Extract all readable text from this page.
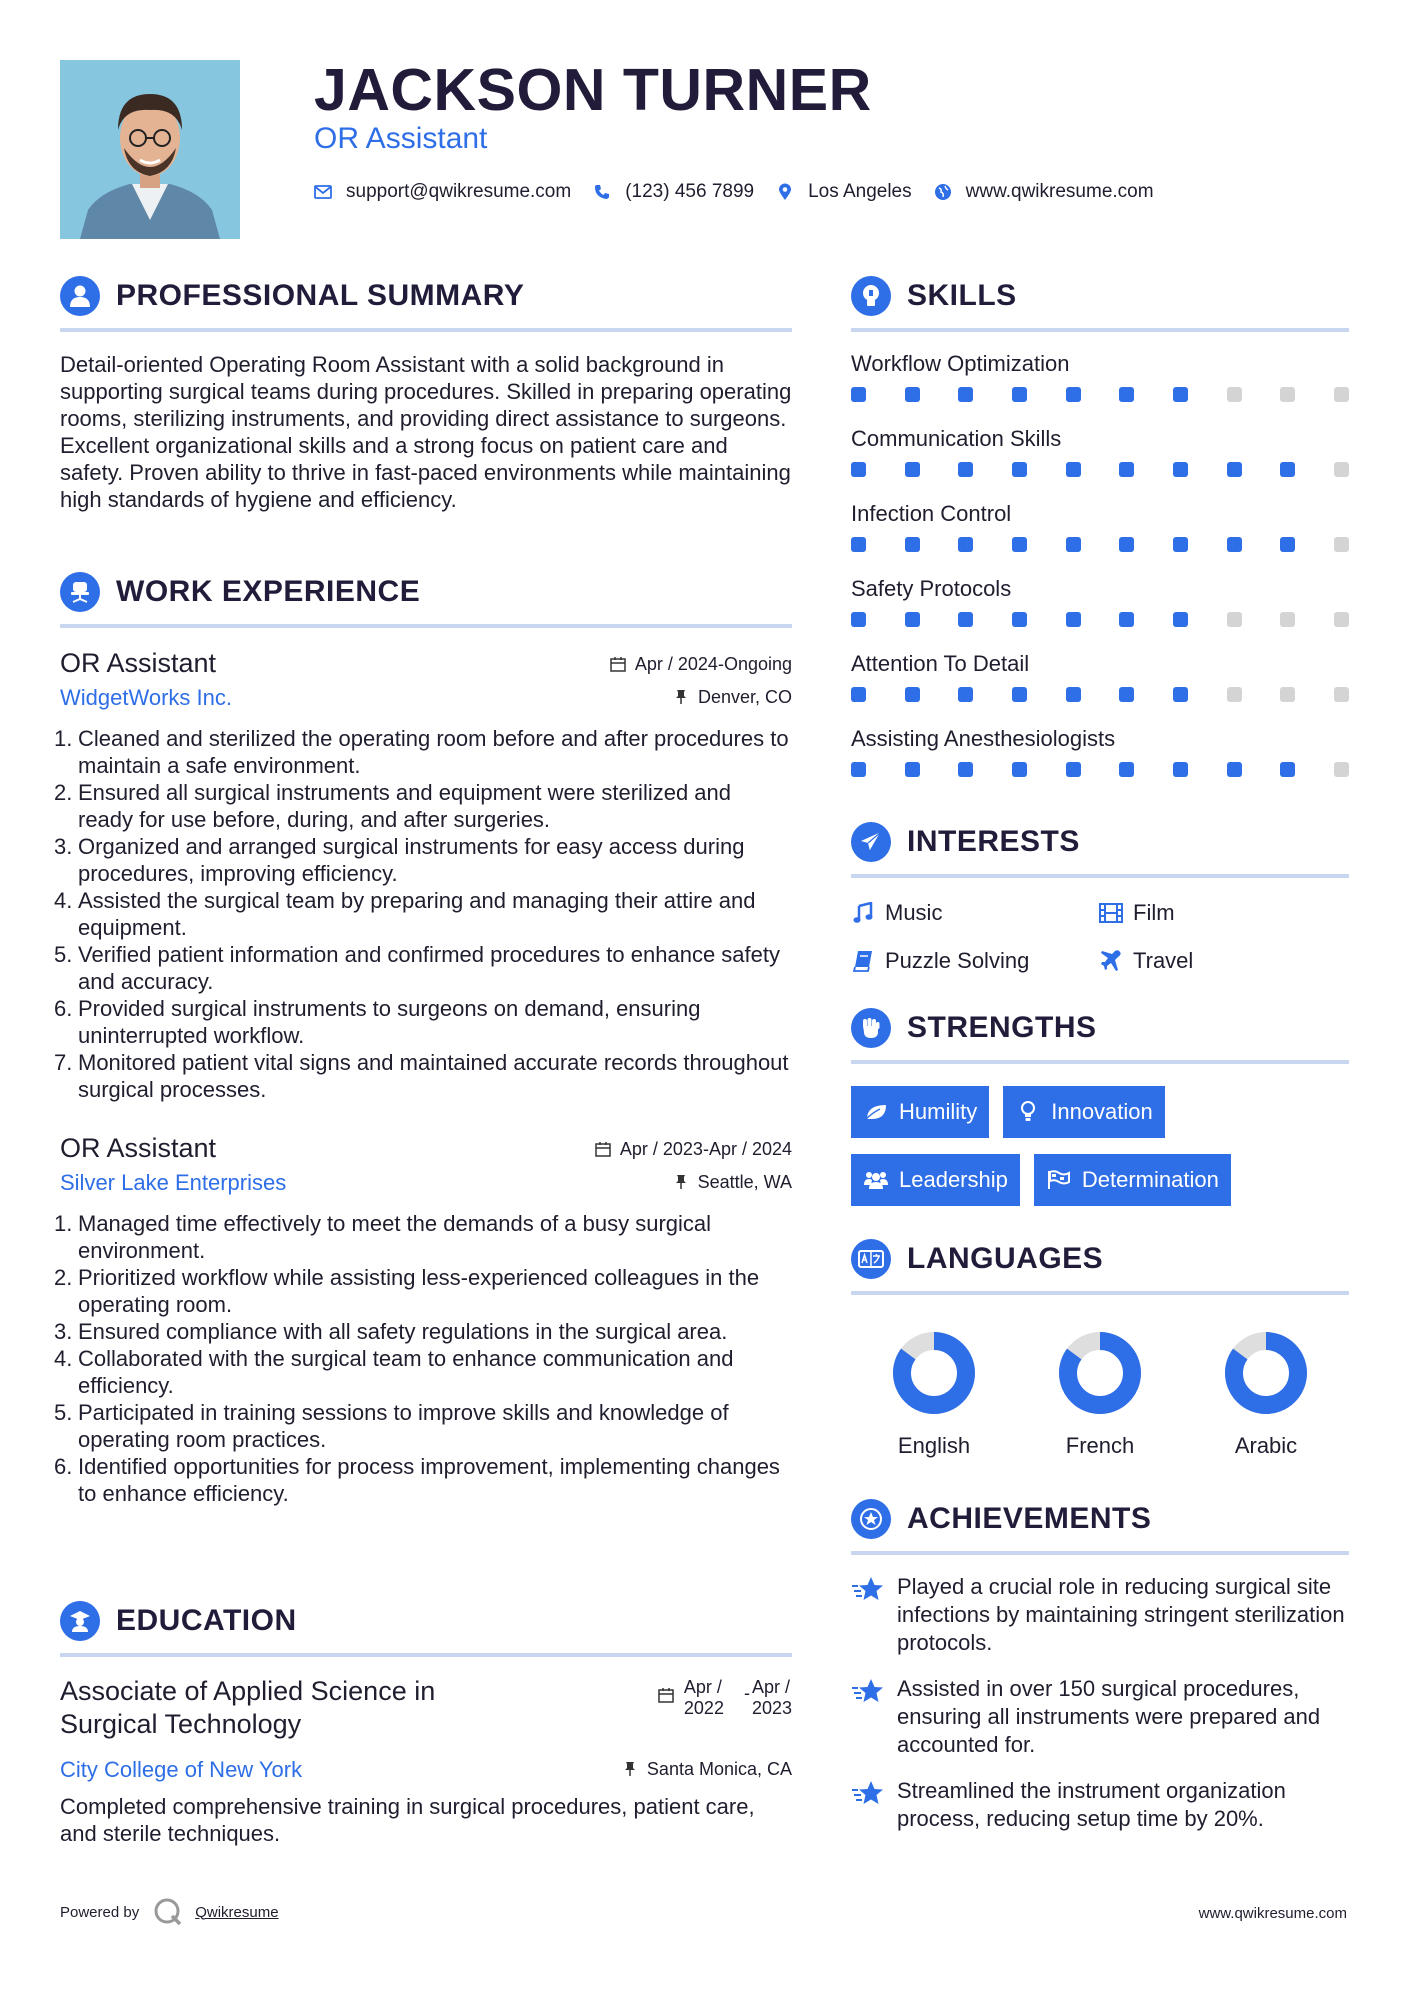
JACKSON TURNER
OR Assistant
support@qwikresume.com	(123) 456 7899	Los Angeles	www.qwikresume.com
PROFESSIONAL SUMMARY

Detail-oriented Operating Room Assistant with a solid background in supporting surgical teams during procedures. Skilled in preparing operating rooms, sterilizing instruments, and providing direct assistance to surgeons. Excellent organizational skills and a strong focus on patient care and safety. Proven ability to thrive in fast-paced environments while maintaining high standards of hygiene and efficiency.

WORK EXPERIENCE
OR Assistant	Apr / 2024-Ongoing
WidgetWorks Inc.	Denver, CO
1. Cleaned and sterilized the operating room before and after procedures to maintain a safe environment.
2. Ensured all surgical instruments and equipment were sterilized and ready for use before, during, and after surgeries.
3. Organized and arranged surgical instruments for easy access during procedures, improving efficiency.
4. Assisted the surgical team by preparing and managing their attire and equipment.
5. Verified patient information and confirmed procedures to enhance safety and accuracy.
6. Provided surgical instruments to surgeons on demand, ensuring uninterrupted workflow.
7. Monitored patient vital signs and maintained accurate records throughout surgical processes.
OR Assistant	Apr / 2023-Apr / 2024
Silver Lake Enterprises	Seattle, WA
1. Managed time effectively to meet the demands of a busy surgical environment.
2. Prioritized workflow while assisting less-experienced colleagues in the operating room.
3. Ensured compliance with all safety regulations in the surgical area.
4. Collaborated with the surgical team to enhance communication and efficiency.
5. Participated in training sessions to improve skills and knowledge of operating room practices.
6. Identified opportunities for process improvement, implementing changes to enhance efficiency.
EDUCATION
Associate of Applied Science in
Surgical Technology
Apr /
2022
- Apr /
2023
City College of New York	Santa Monica, CA

Completed comprehensive training in surgical procedures, patient care, and sterile techniques.

SKILLS
Workflow Optimization
Communication Skills
Infection Control
Safety Protocols
Attention To Detail
Assisting Anesthesiologists
INTERESTS
Music	Film
Puzzle Solving	Travel
STRENGTHS
Humility	Innovation
Leadership	Determination
LANGUAGES
English	French	Arabic
ACHIEVEMENTS
Played a crucial role in reducing surgical site infections by maintaining stringent sterilization protocols.
Assisted in over 150 surgical procedures, ensuring all instruments were prepared and accounted for.
Streamlined the instrument organization process, reducing setup time by 20%.
Powered by	Qwikresume	www.qwikresume.com
